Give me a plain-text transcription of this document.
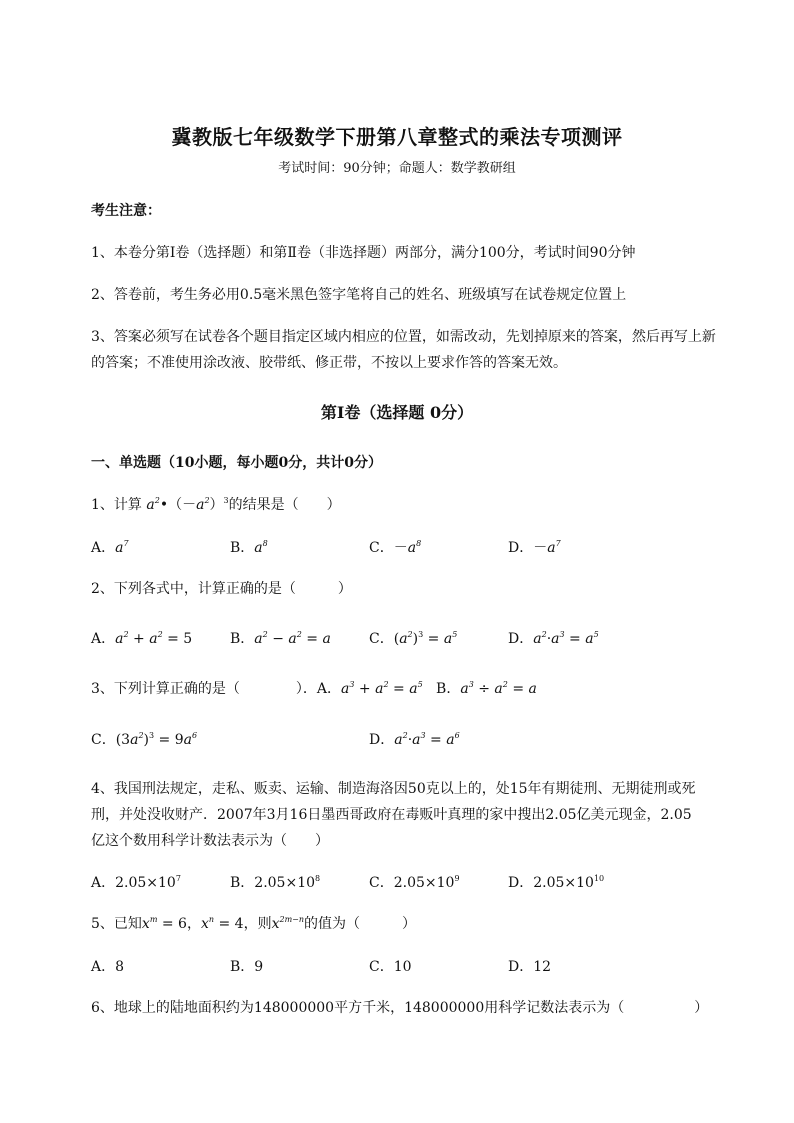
冀教版七年级数学下册第八章整式的乘法专项测评
考试时间：90分钟；命题人：数学教研组
考生注意：
1、本卷分第I卷（选择题）和第Ⅱ卷（非选择题）两部分，满分100分，考试时间90分钟
2、答卷前，考生务必用0.5毫米黑色签字笔将自己的姓名、班级填写在试卷规定位置上
3、答案必须写在试卷各个题目指定区域内相应的位置，如需改动，先划掉原来的答案，然后再写上新
的答案；不准使用涂改液、胶带纸、修正带，不按以上要求作答的答案无效。
第I卷（选择题 0分）
一、单选题（10小题，每小题0分，共计0分）
1、计算 $a^2•(-a^2)^3$的结果是（　　）
A．$a^7$	B．$a^8$	C．$-a^8$	D．$-a^7$
2、下列各式中，计算正确的是（　　　）
A．$a^2 + a^2 = 5$	B．$a^2 - a^2 = a$	C．$(a^2)^3 = a^5$	D．$a^2\cdot a^3 = a^5$
3、下列计算正确的是（　　　　）．A．$a^3 + a^2 = a^5$ B．$a^3 \div a^2 = a$
C．$(3a^2)^3 = 9a^6$	D．$a^2\cdot a^3 = a^6$
4、我国刑法规定，走私、贩卖、运输、制造海洛因50克以上的，处15年有期徒刑、无期徒刑或死
刑，并处没收财产．2007年3月16日墨西哥政府在毒贩叶真理的家中搜出2.05亿美元现金，2.05
亿这个数用科学计数法表示为（　　）
A．$2.05\times 10^7$	B．$2.05\times 10^8$	C．$2.05\times 10^9$	D．$2.05\times 10^{10}$
5、已知$x^m = 6$，$x^n = 4$，则$x^{2m-n}$的值为（　　　）
A．8	B．9	C．10	D．12
6、地球上的陆地面积约为148000000平方千米，148000000用科学记数法表示为（　　　　　）
